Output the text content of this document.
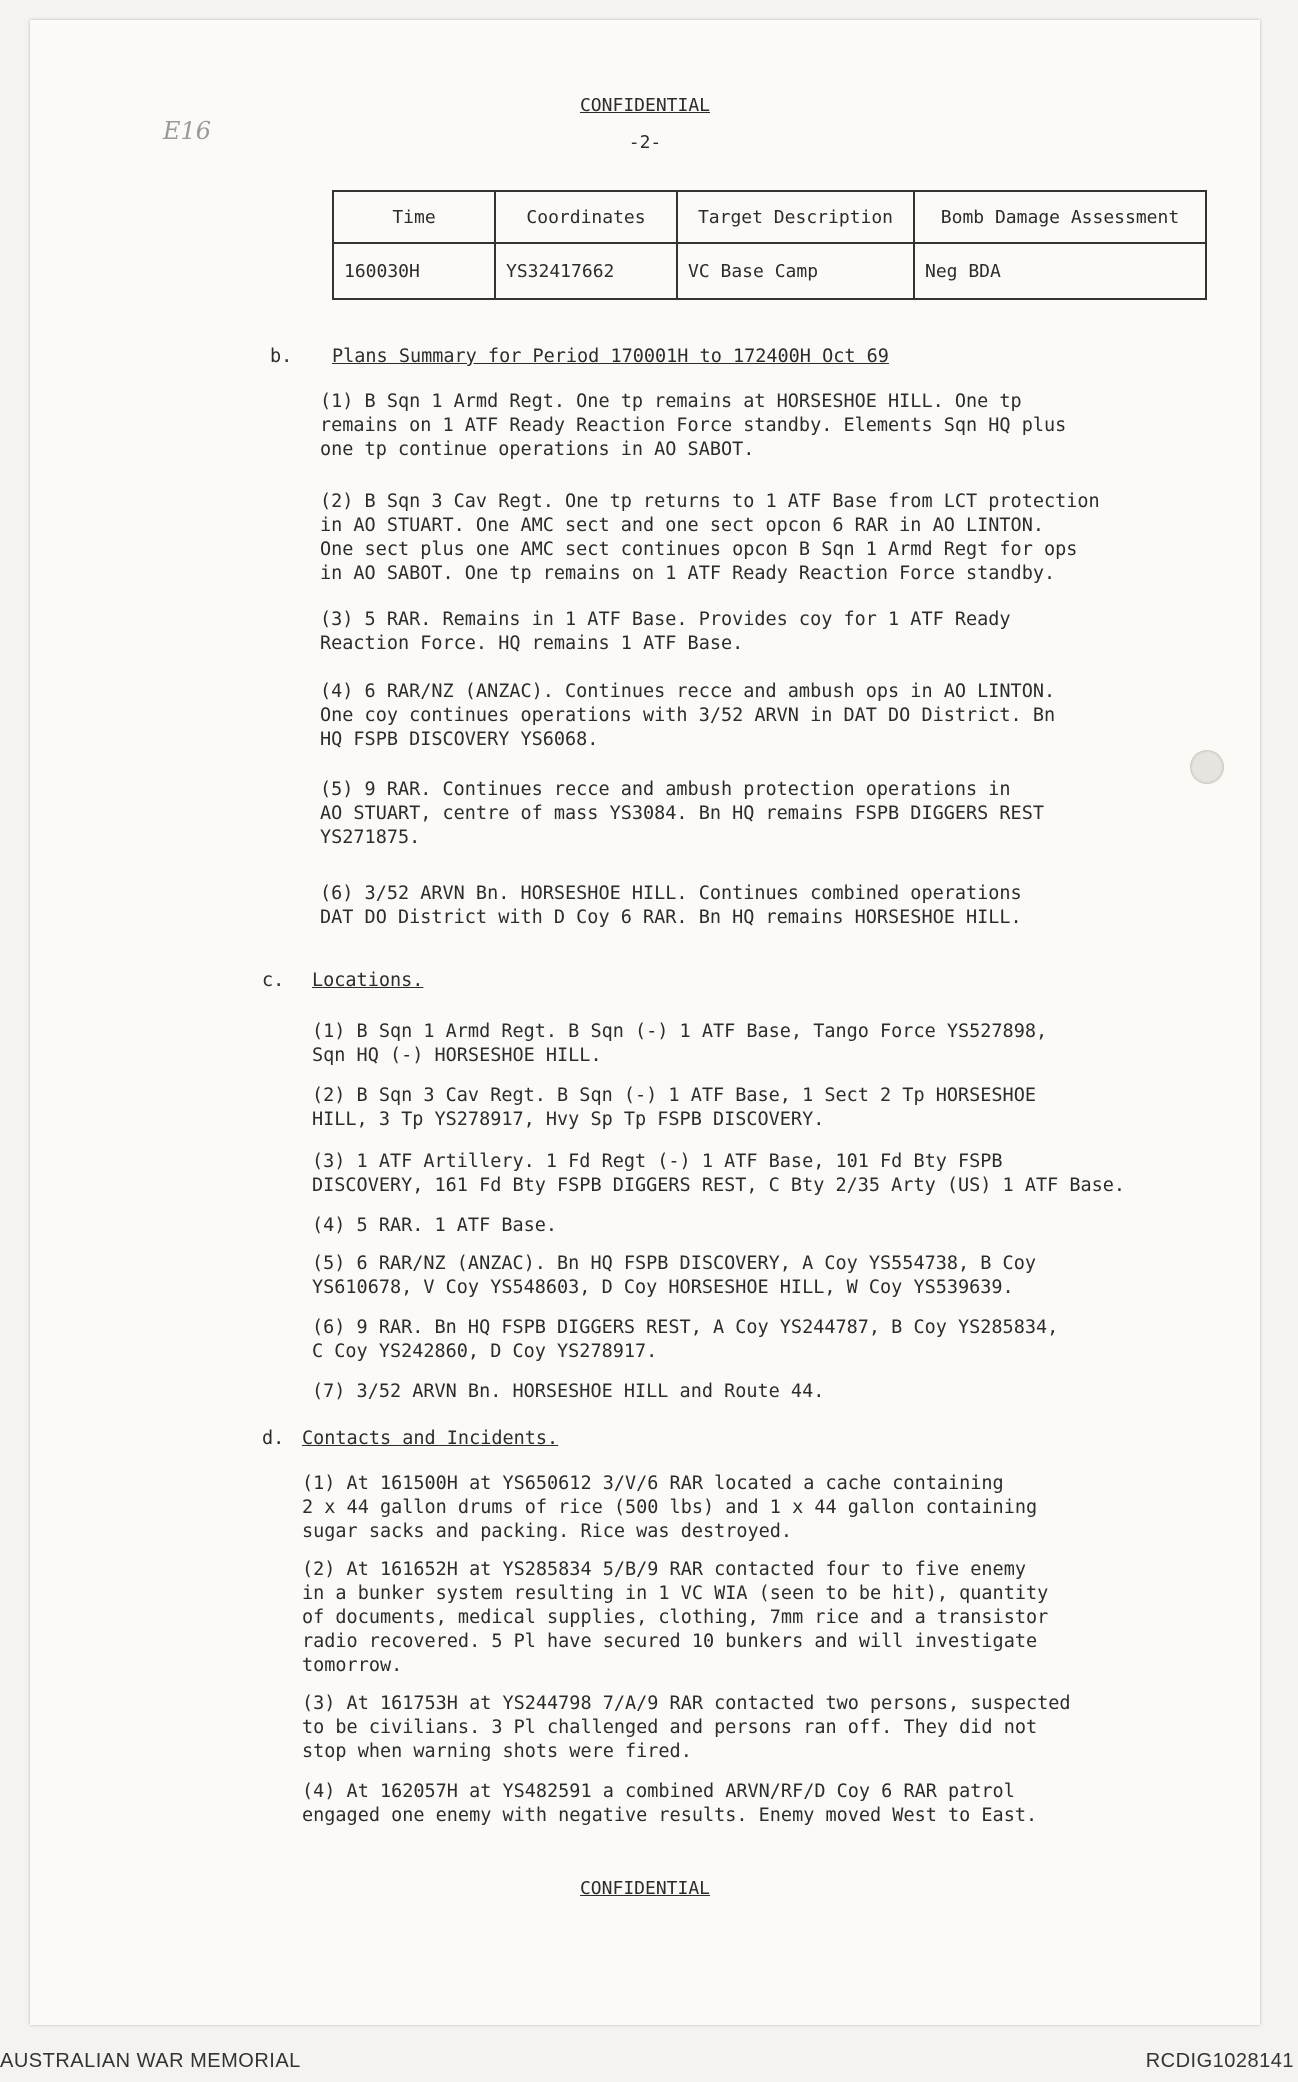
E16
CONFIDENTIAL
-2-
Time	Coordinates	Target Description	Bomb Damage Assessment
160030H	YS32417662	VC Base Camp	Neg BDA
b. Plans Summary for Period 170001H to 172400H Oct 69
(1) B Sqn 1 Armd Regt. One tp remains at HORSESHOE HILL. One tp
remains on 1 ATF Ready Reaction Force standby. Elements Sqn HQ plus
one tp continue operations in AO SABOT.
(2) B Sqn 3 Cav Regt. One tp returns to 1 ATF Base from LCT protection
in AO STUART. One AMC sect and one sect opcon 6 RAR in AO LINTON.
One sect plus one AMC sect continues opcon B Sqn 1 Armd Regt for ops
in AO SABOT. One tp remains on 1 ATF Ready Reaction Force standby.
(3) 5 RAR. Remains in 1 ATF Base. Provides coy for 1 ATF Ready
Reaction Force. HQ remains 1 ATF Base.
(4) 6 RAR/NZ (ANZAC). Continues recce and ambush ops in AO LINTON.
One coy continues operations with 3/52 ARVN in DAT DO District. Bn
HQ FSPB DISCOVERY YS6068.
(5) 9 RAR. Continues recce and ambush protection operations in
AO STUART, centre of mass YS3084. Bn HQ remains FSPB DIGGERS REST
YS271875.
(6) 3/52 ARVN Bn. HORSESHOE HILL. Continues combined operations
DAT DO District with D Coy 6 RAR. Bn HQ remains HORSESHOE HILL.
c. Locations.
(1) B Sqn 1 Armd Regt. B Sqn (-) 1 ATF Base, Tango Force YS527898,
Sqn HQ (-) HORSESHOE HILL.
(2) B Sqn 3 Cav Regt. B Sqn (-) 1 ATF Base, 1 Sect 2 Tp HORSESHOE
HILL, 3 Tp YS278917, Hvy Sp Tp FSPB DISCOVERY.
(3) 1 ATF Artillery. 1 Fd Regt (-) 1 ATF Base, 101 Fd Bty FSPB
DISCOVERY, 161 Fd Bty FSPB DIGGERS REST, C Bty 2/35 Arty (US) 1 ATF Base.
(4) 5 RAR. 1 ATF Base.
(5) 6 RAR/NZ (ANZAC). Bn HQ FSPB DISCOVERY, A Coy YS554738, B Coy
YS610678, V Coy YS548603, D Coy HORSESHOE HILL, W Coy YS539639.
(6) 9 RAR. Bn HQ FSPB DIGGERS REST, A Coy YS244787, B Coy YS285834,
C Coy YS242860, D Coy YS278917.
(7) 3/52 ARVN Bn. HORSESHOE HILL and Route 44.
d. Contacts and Incidents.
(1) At 161500H at YS650612 3/V/6 RAR located a cache containing
2 x 44 gallon drums of rice (500 lbs) and 1 x 44 gallon containing
sugar sacks and packing. Rice was destroyed.
(2) At 161652H at YS285834 5/B/9 RAR contacted four to five enemy
in a bunker system resulting in 1 VC WIA (seen to be hit), quantity
of documents, medical supplies, clothing, 7mm rice and a transistor
radio recovered. 5 Pl have secured 10 bunkers and will investigate
tomorrow.
(3) At 161753H at YS244798 7/A/9 RAR contacted two persons, suspected
to be civilians. 3 Pl challenged and persons ran off. They did not
stop when warning shots were fired.
(4) At 162057H at YS482591 a combined ARVN/RF/D Coy 6 RAR patrol
engaged one enemy with negative results. Enemy moved West to East.
CONFIDENTIAL
AUSTRALIAN WAR MEMORIAL	RCDIG1028141
